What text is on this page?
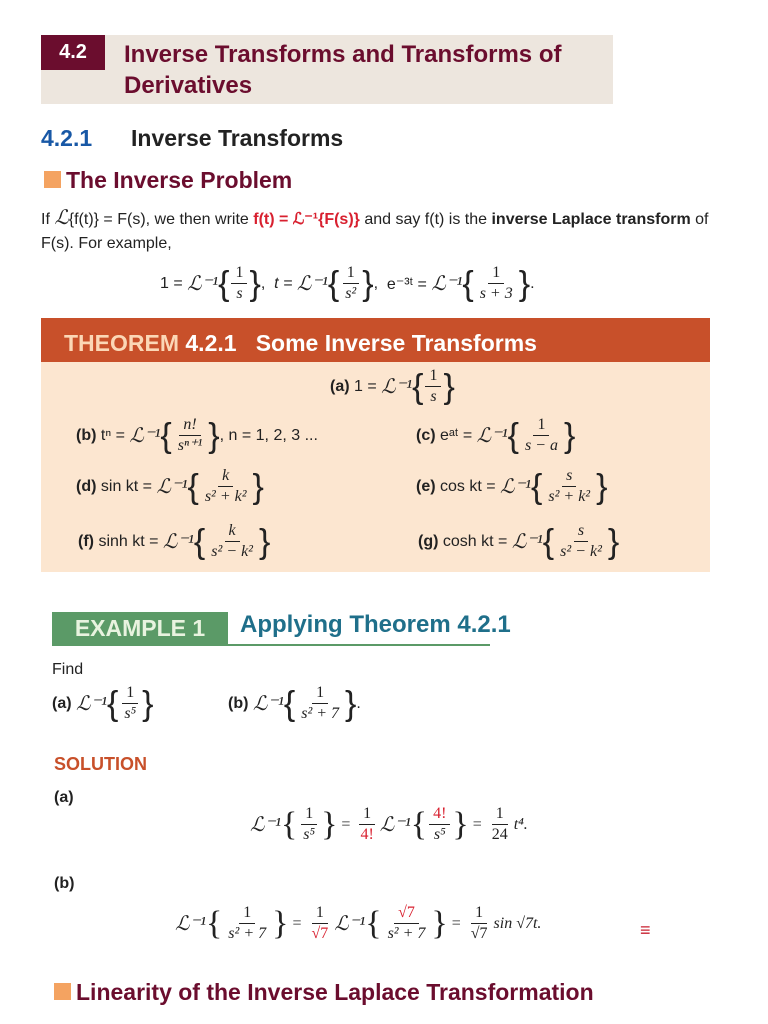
4.2	Inverse Transforms and Transforms of Derivatives
4.2.1 Inverse Transforms
The Inverse Problem
If ℒ{f(t)} = F(s), we then write f(t) = ℒ⁻¹{F(s)} and say f(t) is the inverse Laplace transform of F(s). For example,
1 =
ℒ⁻¹ { $\frac{1}{s}$ } ,
t =
ℒ⁻¹ { $\frac{1}{\text{s²}}$ } ,
e⁻³ᵗ =
ℒ⁻¹ { $\frac{1}{s + 3}$ } .
THEOREM 4.2.1 Some Inverse Transforms
(a)
1 =
ℒ⁻¹ { $\frac{1}{s}$ }
(b)
tⁿ =
ℒ⁻¹ { $\frac{n!}{\text{sⁿ⁺¹}}$ } , n = 1, 2, 3 ...	(c)
eᵃᵗ =
ℒ⁻¹ { $\frac{1}{s - a}$ }
(d)
sin kt =
ℒ⁻¹ { $\frac{k}{\text{s² + k²}}$ }	(e)
cos kt =
ℒ⁻¹ { $\frac{s}{\text{s² + k²}}$ }
(f)
sinh kt =
ℒ⁻¹ { $\frac{k}{\text{s² − k²}}$ }	(g)
cosh kt =
ℒ⁻¹ { $\frac{s}{\text{s² − k²}}$ }
EXAMPLE 1	Applying Theorem 4.2.1
Find
(a)
ℒ⁻¹ { $\frac{1}{\text{s⁵}}$ }	(b)
ℒ⁻¹ { $\frac{1}{\text{s² + 7}}$ } .
SOLUTION
(a)
ℒ⁻¹ { $\frac{1}{\text{s⁵}}$ }
=
$\frac{1}{4!}$ ℒ⁻¹ { $\frac{4!}{\text{s⁵}}$ }
=
$\frac{1}{24} t^4$.
(b)
ℒ⁻¹ { $\frac{1}{\text{s² + 7}}$ }
=
$\frac{1}{√7}$ ℒ⁻¹ { $\frac{√7}{\text{s² + 7}}$ }
=
$\frac{1}{√7}$ sin √7t.	≡
Linearity of the Inverse Laplace Transformation
